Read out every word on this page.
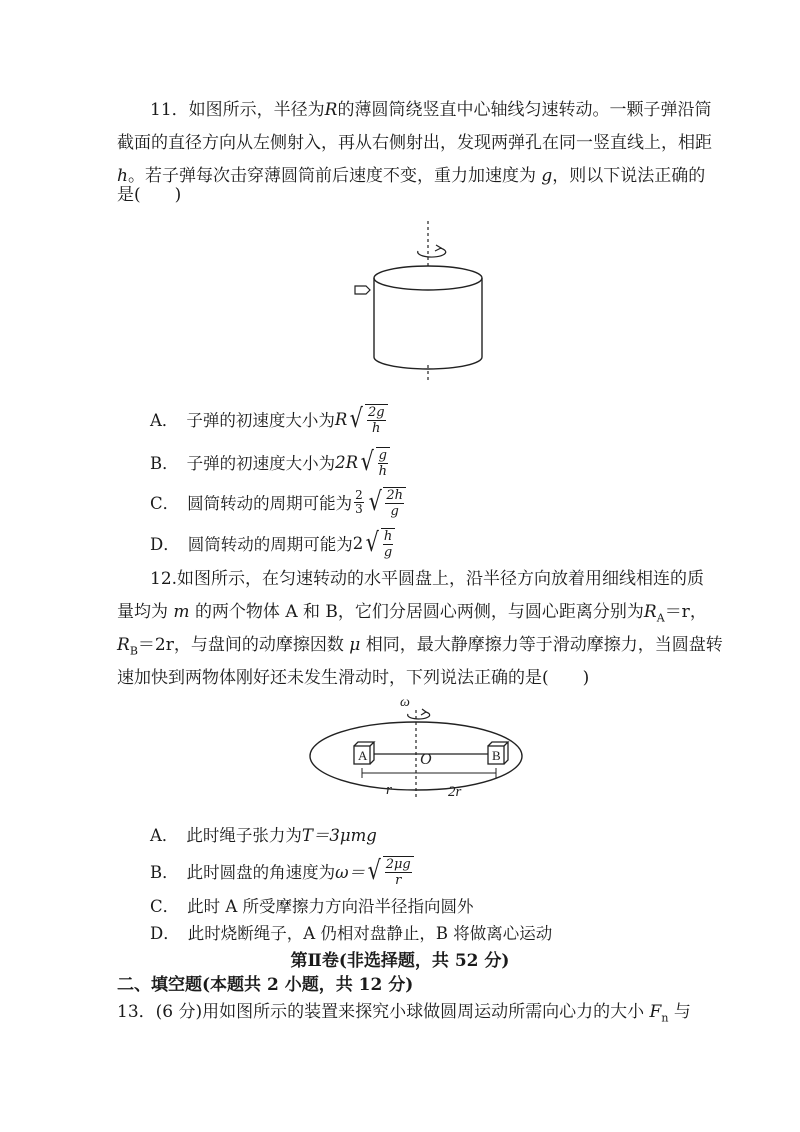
11．如图所示，半径为R的薄圆筒绕竖直中心轴线匀速转动。一颗子弹沿筒
截面的直径方向从左侧射入，再从右侧射出，发现两弹孔在同一竖直线上，相距
h。若子弹每次击穿薄圆筒前后速度不变，重力加速度为 g，则以下说法正确的
是(　　)
A． 子弹的初速度大小为 R √ $\frac{2g}{h}$
B． 子弹的初速度大小为 2R √ $\frac{g}{h}$
C． 圆筒转动的周期可能为 2
3 √ $\frac{2h}{g}$
D． 圆筒转动的周期可能为 2 √ $\frac{h}{g}$
12.如图所示，在匀速转动的水平圆盘上，沿半径方向放着用细线相连的质
量均为 m 的两个物体 A 和 B，它们分居圆心两侧，与圆心距离分别为$R_A=r$，
$R_B=2r$，与盘间的动摩擦因数 μ 相同，最大静摩擦力等于滑动摩擦力，当圆盘转
速加快到两物体刚好还未发生滑动时，下列说法正确的是(　　)
ω
A	B
O
r	2r
A． 此时绳子张力为 T＝3μmg
B． 此时圆盘的角速度为 ω＝ √ $\frac{2\mu g}{r}$
C． 此时 A 所受摩擦力方向沿半径指向圆外
D． 此时烧断绳子，A 仍相对盘静止，B 将做离心运动
第Ⅱ卷(非选择题，共 52 分)
二、填空题(本题共 2 小题，共 12 分)
13．(6 分)用如图所示的装置来探究小球做圆周运动所需向心力的大小 $F_n$ 与
